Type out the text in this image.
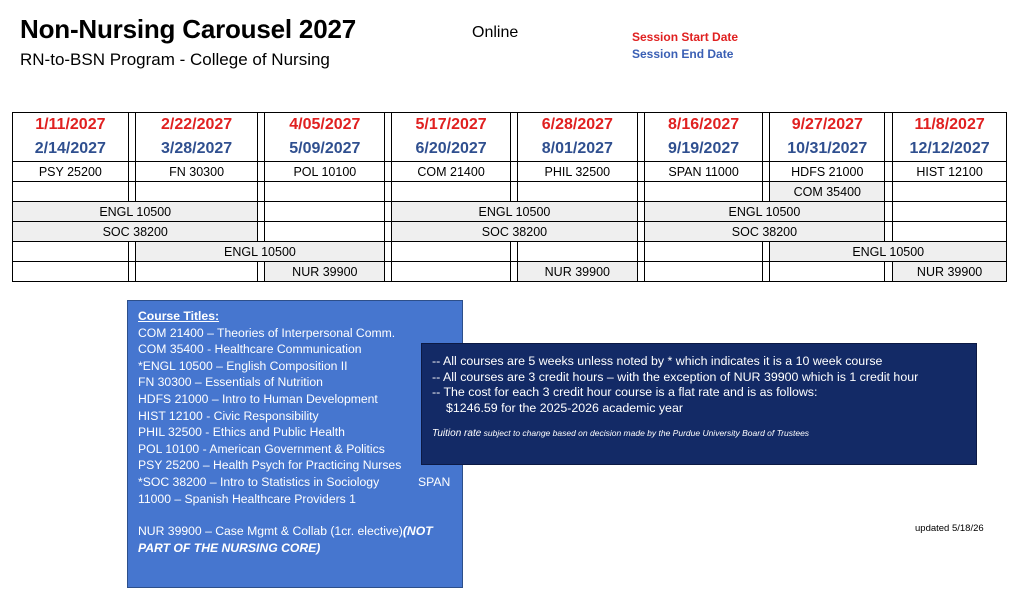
Non-Nursing Carousel 2027
RN-to-BSN Program - College of Nursing
Online	Session Start Date
Session End Date
1/11/2027		2/22/2027		4/05/2027		5/17/2027		6/28/2027		8/16/2027		9/27/2027		11/8/2027
2/14/2027		3/28/2027		5/09/2027		6/20/2027		8/01/2027		9/19/2027		10/31/2027		12/12/2027
PSY 25200		FN 30300		POL 10100		COM 21400		PHIL 32500		SPAN 11000		HDFS 21000		HIST 12100
												COM 35400		
ENGL 10500						ENGL 10500				ENGL 10500				
SOC 38200						SOC 38200				SOC 38200				
		ENGL 10500										ENGL 10500		
				NUR 39900				NUR 39900						NUR 39900
Course Titles:
COM 21400 – Theories of Interpersonal Comm.
COM 35400 - Healthcare Communication
*ENGL 10500 – English Composition II
FN 30300 – Essentials of Nutrition
HDFS 21000 – Intro to Human Development
HIST 12100 - Civic Responsibility
PHIL 32500 - Ethics and Public Health
POL 10100 - American Government & Politics
PSY 25200 – Health Psych for Practicing Nurses
*SOC 38200 – Intro to Statistics in Sociology
11000 – Spanish Healthcare Providers 1
NUR 39900 – Case Mgmt & Collab (1cr. elective)(NOT
PART OF THE NURSING CORE)
SPAN
-- All courses are 5 weeks unless noted by * which indicates it is a 10 week course
-- All courses are 3 credit hours – with the exception of NUR 39900 which is 1 credit hour
-- The cost for each 3 credit hour course is a flat rate and is as follows:
$1246.59 for the 2025-2026 academic year
Tuition rate subject to change based on decision made by the Purdue University Board of Trustees
updated 5/18/26
